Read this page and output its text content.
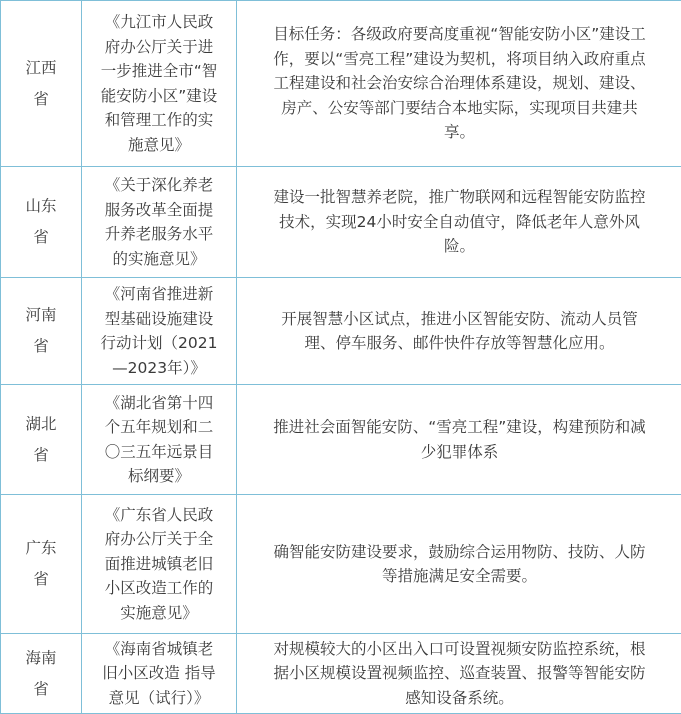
江西省	《九江市人民政府办公厅关于进一步推进全市“智能安防小区”建设和管理工作的实施意见》	目标任务：各级政府要高度重视“智能安防小区”建设工作，要以“雪亮工程”建设为契机，将项目纳入政府重点工程建设和社会治安综合治理体系建设，规划、建设、房产、公安等部门要结合本地实际，实现项目共建共享。

山东省	《关于深化养老服务改革全面提升养老服务水平的实施意见》	建设一批智慧养老院，推广物联网和远程智能安防监控技术，实现24小时安全自动值守，降低老年人意外风险。

河南省	《河南省推进新型基础设施建设行动计划（2021—2023年）》	开展智慧小区试点，推进小区智能安防、流动人员管理、停车服务、邮件快件存放等智慧化应用。

湖北省	《湖北省第十四个五年规划和二〇三五年远景目标纲要》	推进社会面智能安防、“雪亮工程”建设，构建预防和减少犯罪体系

广东省	《广东省人民政府办公厅关于全面推进城镇老旧小区改造工作的实施意见》	确智能安防建设要求，鼓励综合运用物防、技防、人防等措施满足安全需要。

海南省	《海南省城镇老旧小区改造 指导意见（试行）》	对规模较大的小区出入口可设置视频安防监控系统，根据小区规模设置视频监控、巡查装置、报警等智能安防感知设备系统。
